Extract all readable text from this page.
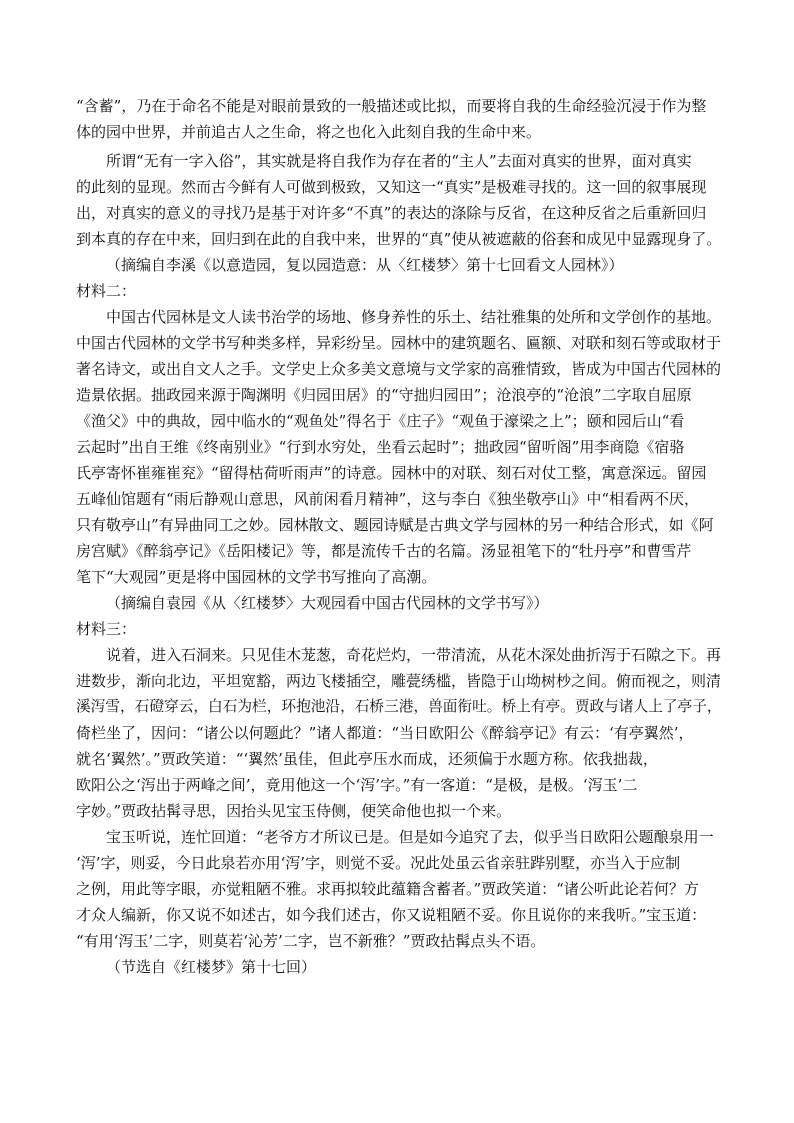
“含蓄”，乃在于命名不能是对眼前景致的一般描述或比拟，而要将自我的生命经验沉浸于作为整
体的园中世界，并前追古人之生命，将之也化入此刻自我的生命中来。
所谓“无有一字入俗”，其实就是将自我作为存在者的“主人”去面对真实的世界，面对真实
的此刻的显现。然而古今鲜有人可做到极致，又知这一“真实”是极难寻找的。这一回的叙事展现
出，对真实的意义的寻找乃是基于对许多“不真”的表达的涤除与反省，在这种反省之后重新回归
到本真的存在中来，回归到在此的自我中来，世界的“真”使从被遮蔽的俗套和成见中显露现身了。
（摘编自李溪《以意造园，复以园造意：从〈红楼梦〉第十七回看文人园林》）
材料二：
中国古代园林是文人读书治学的场地、修身养性的乐土、结社雅集的处所和文学创作的基地。
中国古代园林的文学书写种类多样，异彩纷呈。园林中的建筑题名、匾额、对联和刻石等或取材于
著名诗文，或出自文人之手。文学史上众多美文意境与文学家的高雅情致，皆成为中国古代园林的
造景依据。拙政园来源于陶渊明《归园田居》的“守拙归园田”；沧浪亭的“沧浪”二字取自屈原
《渔父》中的典故，园中临水的“观鱼处”得名于《庄子》“观鱼于濠梁之上”；颐和园后山“看
云起时”出自王维《终南别业》“行到水穷处，坐看云起时”；拙政园“留听阁”用李商隐《宿骆
氏亭寄怀崔雍崔兖》“留得枯荷听雨声”的诗意。园林中的对联、刻石对仗工整，寓意深远。留园
五峰仙馆题有“雨后静观山意思，风前闲看月精神”，这与李白《独坐敬亭山》中“相看两不厌，
只有敬亭山”有异曲同工之妙。园林散文、题园诗赋是古典文学与园林的另一种结合形式，如《阿
房宫赋》《醉翁亭记》《岳阳楼记》等，都是流传千古的名篇。汤显祖笔下的“牡丹亭”和曹雪芹
笔下“大观园”更是将中国园林的文学书写推向了高潮。
（摘编自袁园《从〈红楼梦〉大观园看中国古代园林的文学书写》）
材料三：
说着，进入石洞来。只见佳木茏葱，奇花烂灼，一带清流，从花木深处曲折泻于石隙之下。再
进数步，渐向北边，平坦宽豁，两边飞楼插空，雕甍绣槛，皆隐于山坳树杪之间。俯而视之，则清
溪泻雪，石磴穿云，白石为栏，环抱池沿，石桥三港，兽面衔吐。桥上有亭。贾政与诸人上了亭子，
倚栏坐了，因问：“诸公以何题此？”诸人都道：“当日欧阳公《醉翁亭记》有云：‘有亭翼然’，
就名‘翼然’。”贾政笑道：“‘翼然’虽佳，但此亭压水而成，还须偏于水题方称。依我拙裁，
欧阳公之‘泻出于两峰之间’，竟用他这一个‘泻’字。”有一客道：“是极，是极。‘泻玉’二
字妙。”贾政拈髯寻思，因抬头见宝玉侍侧，便笑命他也拟一个来。
宝玉听说，连忙回道：“老爷方才所议已是。但是如今追究了去，似乎当日欧阳公题酿泉用一
‘泻’字，则妥，今日此泉若亦用‘泻’字，则觉不妥。况此处虽云省亲驻跸别墅，亦当入于应制
之例，用此等字眼，亦觉粗陋不雅。求再拟较此蕴籍含蓄者。”贾政笑道：“诸公听此论若何？方
才众人编新，你又说不如述古，如今我们述古，你又说粗陋不妥。你且说你的来我听。”宝玉道：
“有用‘泻玉’二字，则莫若‘沁芳’二字，岂不新雅？”贾政拈髯点头不语。
（节选自《红楼梦》第十七回）
